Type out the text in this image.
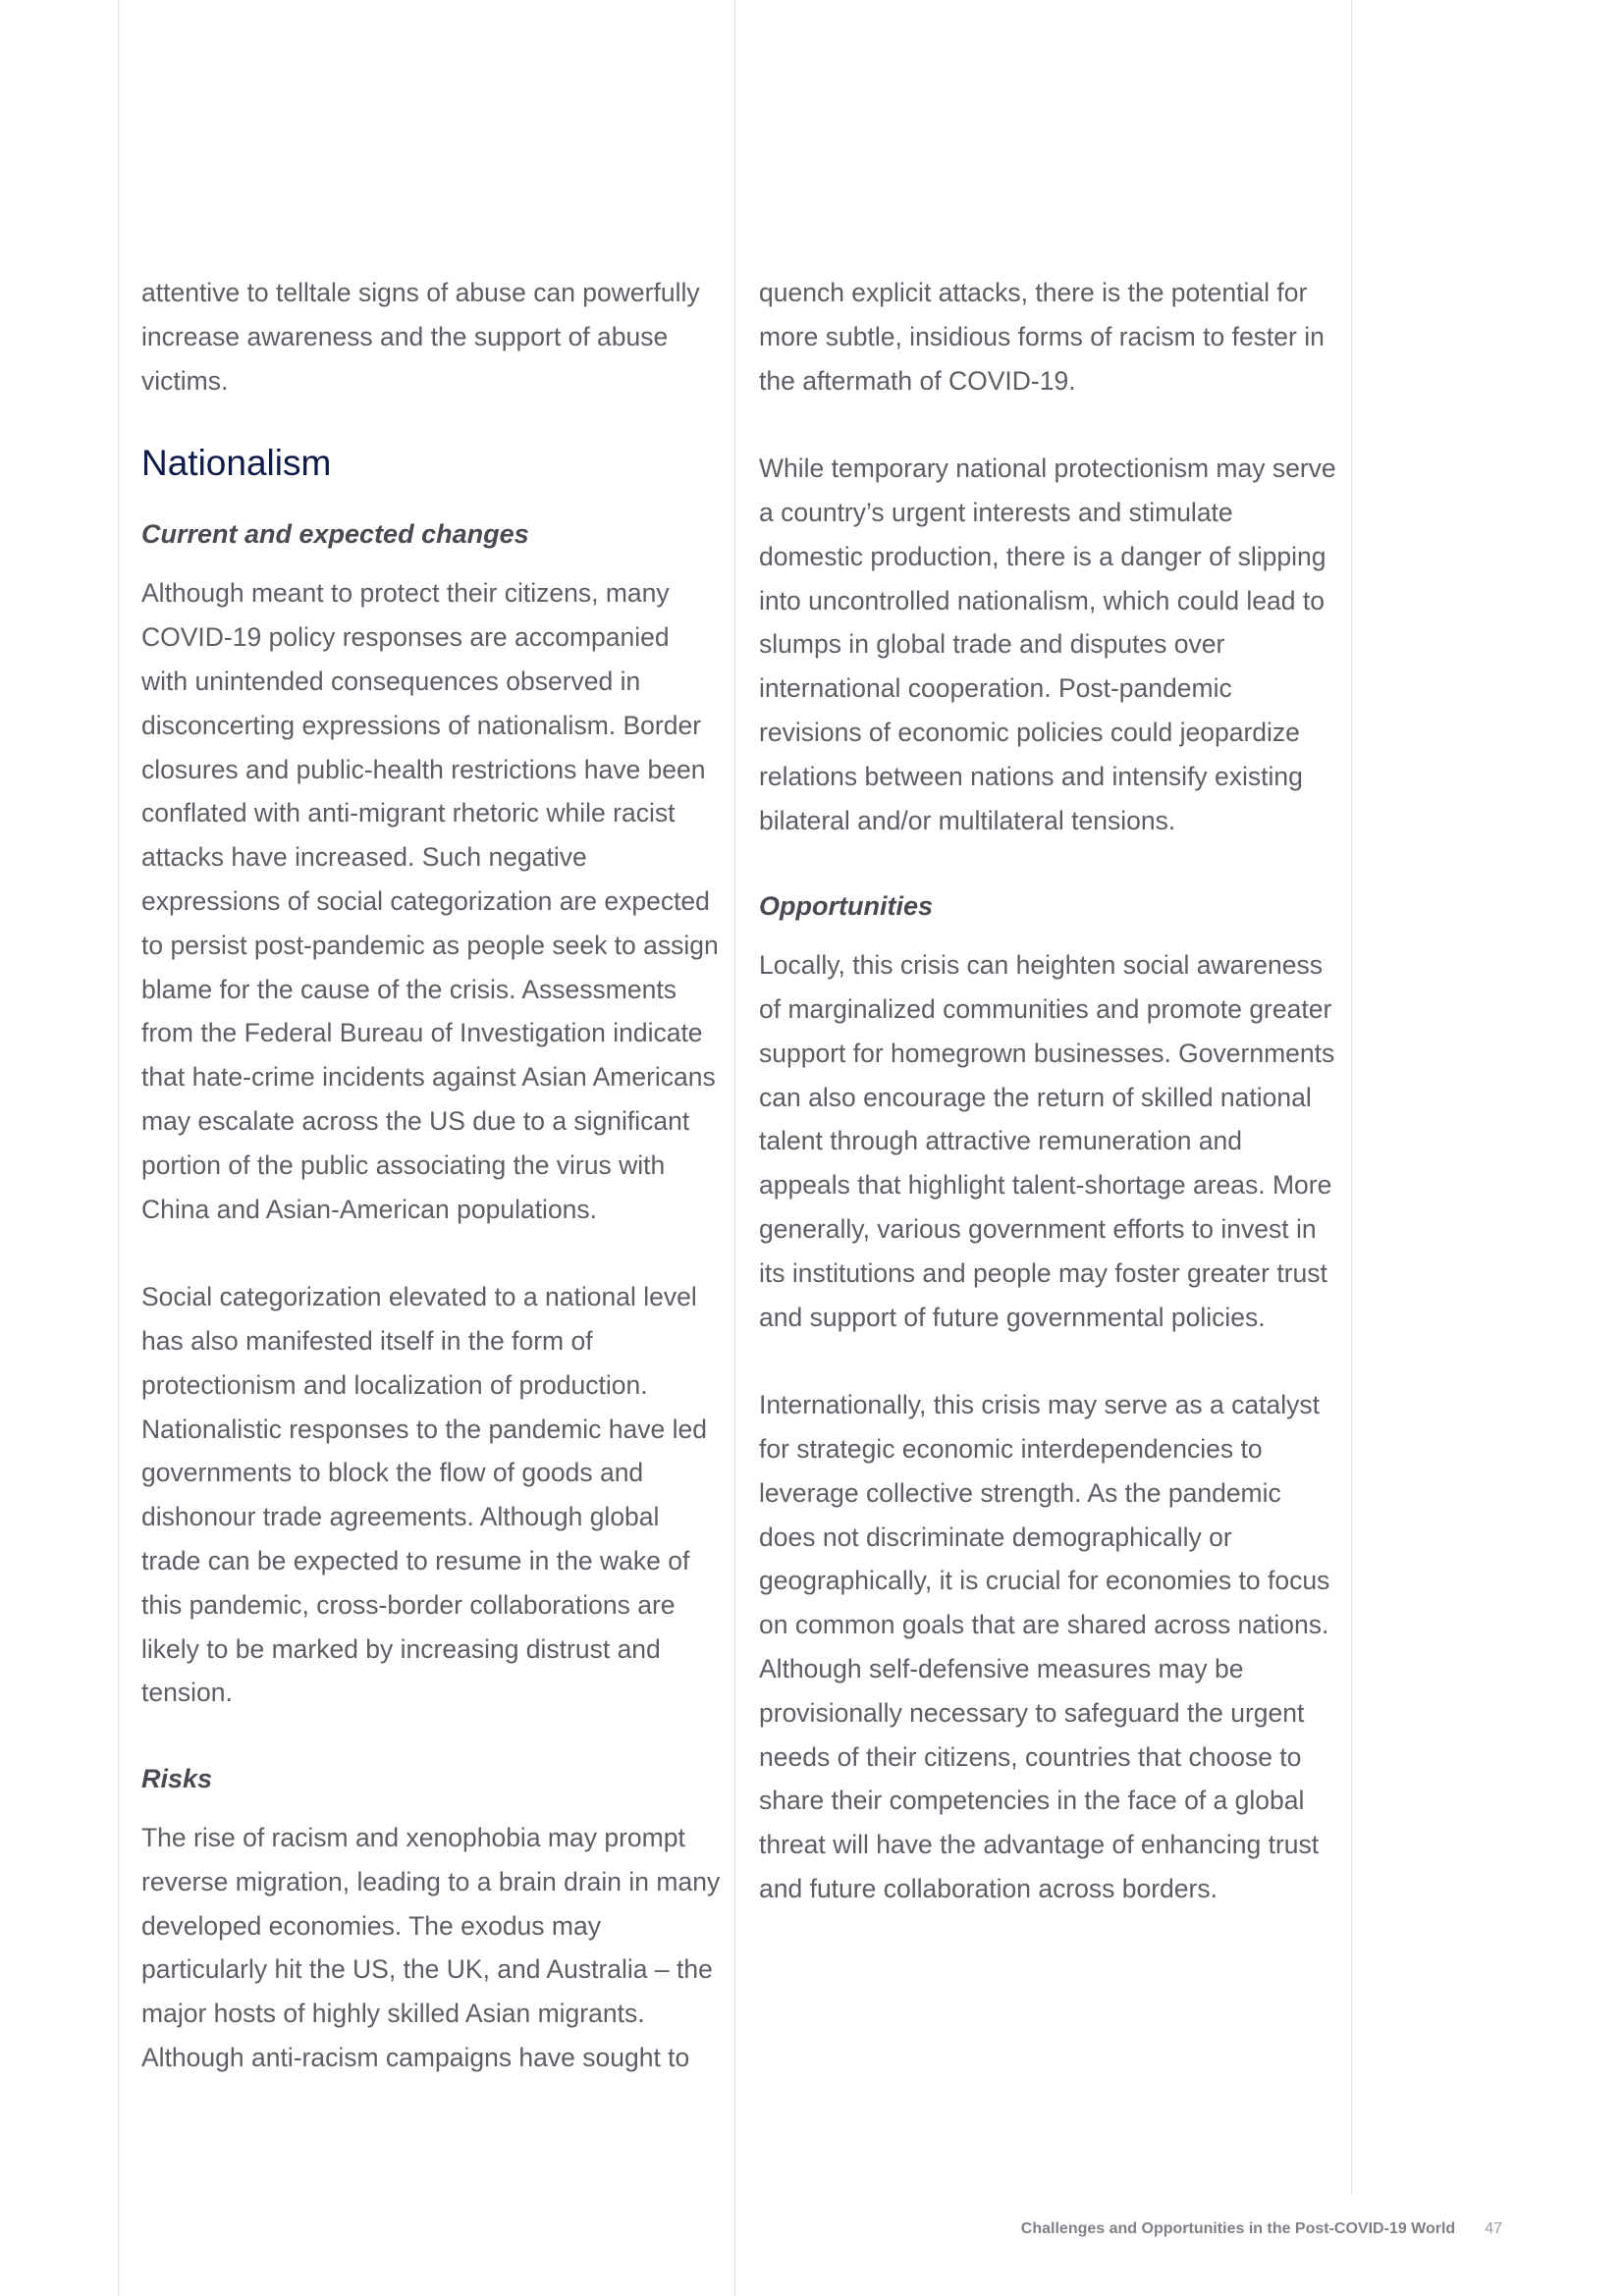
attentive to telltale signs of abuse can powerfully increase awareness and the support of abuse victims.

Nationalism
Current and expected changes

Although meant to protect their citizens, many COVID-19 policy responses are accompanied with unintended consequences observed in disconcerting expressions of nationalism. Border closures and public-health restrictions have been conflated with anti-migrant rhetoric while racist attacks have increased. Such negative expressions of social categorization are expected to persist post-pandemic as people seek to assign blame for the cause of the crisis. Assessments from the Federal Bureau of Investigation indicate that hate-crime incidents against Asian Americans may escalate across the US due to a significant portion of the public associating the virus with China and Asian-American populations.

Social categorization elevated to a national level has also manifested itself in the form of protectionism and localization of production. Nationalistic responses to the pandemic have led governments to block the flow of goods and dishonour trade agreements. Although global trade can be expected to resume in the wake of this pandemic, cross-border collaborations are likely to be marked by increasing distrust and tension.

Risks

The rise of racism and xenophobia may prompt reverse migration, leading to a brain drain in many developed economies. The exodus may particularly hit the US, the UK, and Australia – the major hosts of highly skilled Asian migrants. Although anti-racism campaigns have sought to

quench explicit attacks, there is the potential for more subtle, insidious forms of racism to fester in the aftermath of COVID-19.

While temporary national protectionism may serve a country’s urgent interests and stimulate domestic production, there is a danger of slipping into uncontrolled nationalism, which could lead to slumps in global trade and disputes over international cooperation. Post-pandemic revisions of economic policies could jeopardize relations between nations and intensify existing bilateral and/or multilateral tensions.

Opportunities

Locally, this crisis can heighten social awareness of marginalized communities and promote greater support for homegrown businesses. Governments can also encourage the return of skilled national talent through attractive remuneration and appeals that highlight talent-shortage areas. More generally, various government efforts to invest in its institutions and people may foster greater trust and support of future governmental policies.

Internationally, this crisis may serve as a catalyst for strategic economic interdependencies to leverage collective strength. As the pandemic does not discriminate demographically or geographically, it is crucial for economies to focus on common goals that are shared across nations. Although self-defensive measures may be provisionally necessary to safeguard the urgent needs of their citizens, countries that choose to share their competencies in the face of a global threat will have the advantage of enhancing trust and future collaboration across borders.

Challenges and Opportunities in the Post-COVID-19 World 47
